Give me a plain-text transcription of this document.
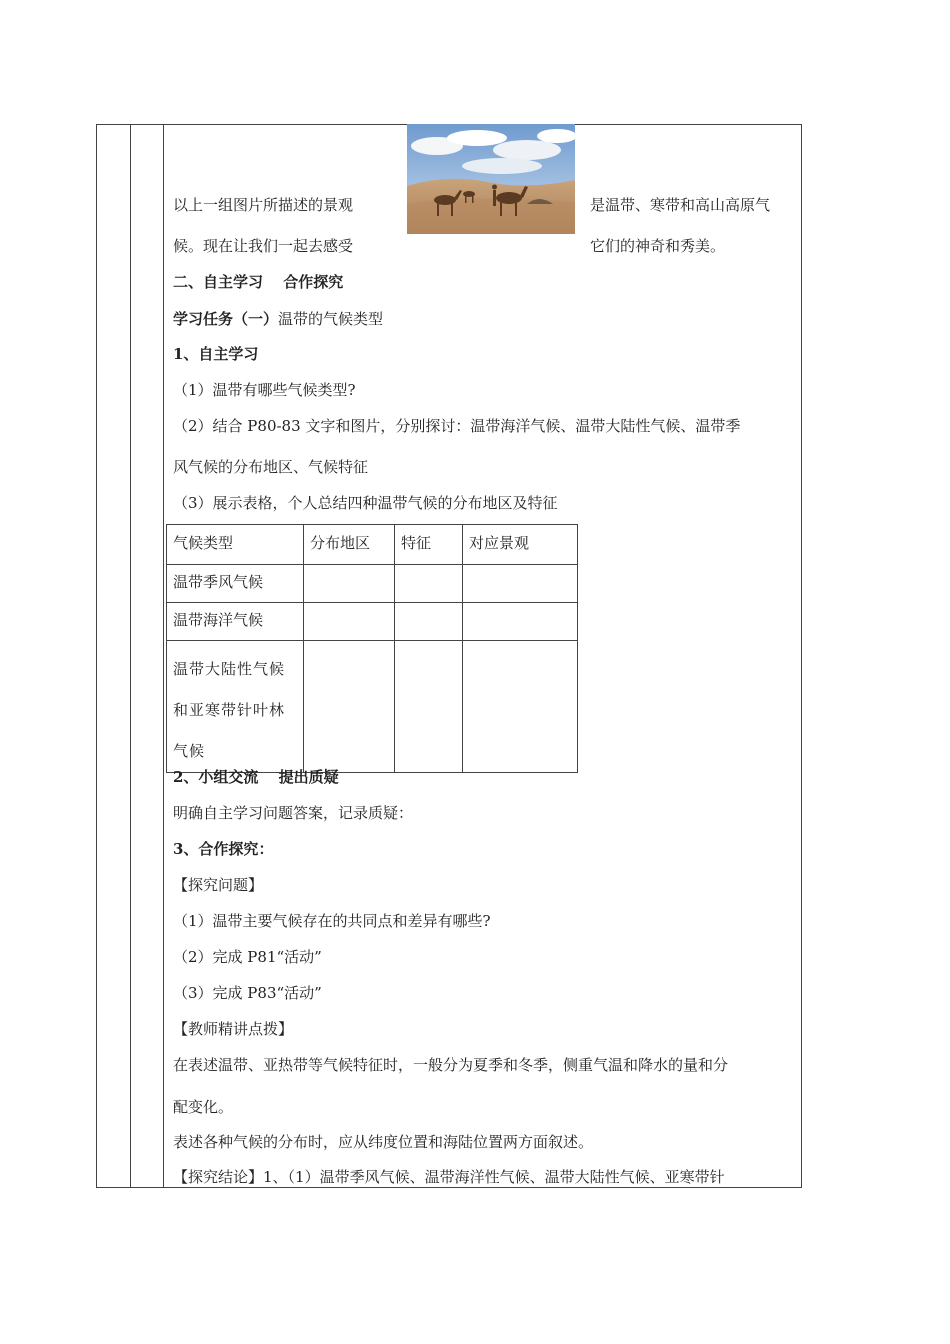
以上一组图片所描述的景观	是温带、寒带和高山高原气
候。现在让我们一起去感受	它们的神奇和秀美。
二、自主学习　 合作探究
学习任务（一）温带的气候类型
1、自主学习
（1）温带有哪些气候类型?
（2）结合 P80-83 文字和图片，分别探讨：温带海洋气候、温带大陆性气候、温带季
风气候的分布地区、气候特征
（3）展示表格，个人总结四种温带气候的分布地区及特征
气候类型	分布地区	特征	对应景观
温带季风气候			
温带海洋气候			

温带大陆性气候
和亚寒带针叶林
气候			

2、小组交流　 提出质疑
明确自主学习问题答案，记录质疑：
3、合作探究：
【探究问题】
（1）温带主要气候存在的共同点和差异有哪些?
（2）完成 P81“活动”
（3）完成 P83“活动”
【教师精讲点拨】
在表述温带、亚热带等气候特征时，一般分为夏季和冬季，侧重气温和降水的量和分
配变化。
表述各种气候的分布时，应从纬度位置和海陆位置两方面叙述。
【探究结论】1、（1）温带季风气候、温带海洋性气候、温带大陆性气候、亚寒带针
